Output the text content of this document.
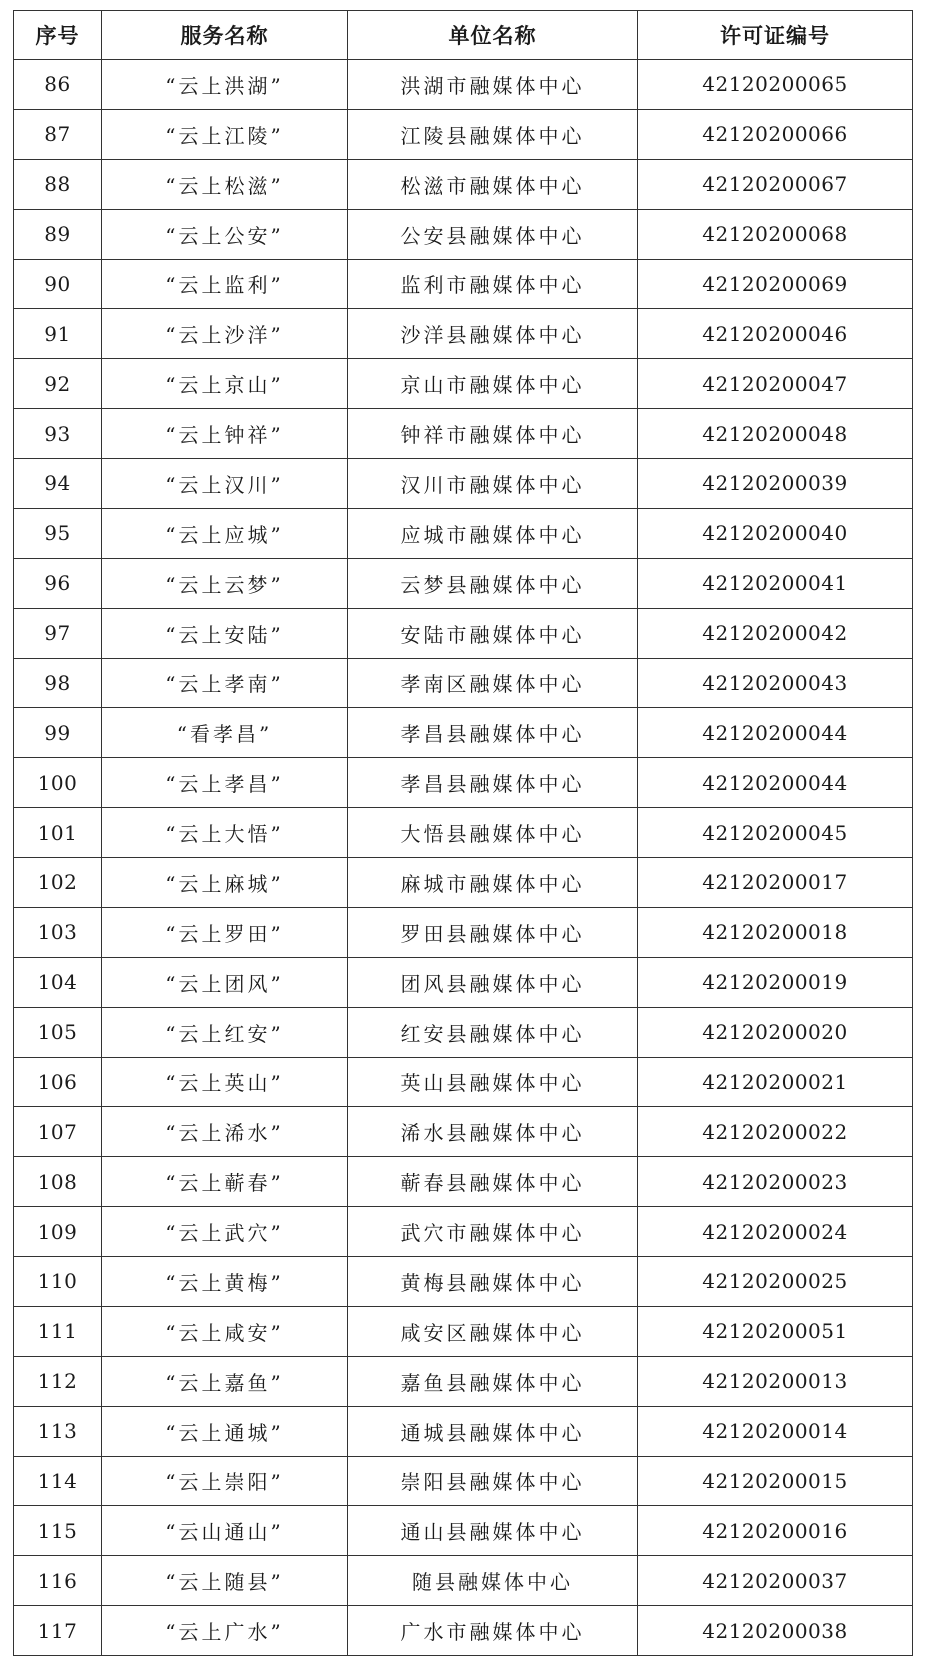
序号	服务名称	单位名称	许可证编号
86	“云上洪湖”	洪湖市融媒体中心	42120200065
87	“云上江陵”	江陵县融媒体中心	42120200066
88	“云上松滋”	松滋市融媒体中心	42120200067
89	“云上公安”	公安县融媒体中心	42120200068
90	“云上监利”	监利市融媒体中心	42120200069
91	“云上沙洋”	沙洋县融媒体中心	42120200046
92	“云上京山”	京山市融媒体中心	42120200047
93	“云上钟祥”	钟祥市融媒体中心	42120200048
94	“云上汉川”	汉川市融媒体中心	42120200039
95	“云上应城”	应城市融媒体中心	42120200040
96	“云上云梦”	云梦县融媒体中心	42120200041
97	“云上安陆”	安陆市融媒体中心	42120200042
98	“云上孝南”	孝南区融媒体中心	42120200043
99	“看孝昌”	孝昌县融媒体中心	42120200044
100	“云上孝昌”	孝昌县融媒体中心	42120200044
101	“云上大悟”	大悟县融媒体中心	42120200045
102	“云上麻城”	麻城市融媒体中心	42120200017
103	“云上罗田”	罗田县融媒体中心	42120200018
104	“云上团风”	团风县融媒体中心	42120200019
105	“云上红安”	红安县融媒体中心	42120200020
106	“云上英山”	英山县融媒体中心	42120200021
107	“云上浠水”	浠水县融媒体中心	42120200022
108	“云上蕲春”	蕲春县融媒体中心	42120200023
109	“云上武穴”	武穴市融媒体中心	42120200024
110	“云上黄梅”	黄梅县融媒体中心	42120200025
111	“云上咸安”	咸安区融媒体中心	42120200051
112	“云上嘉鱼”	嘉鱼县融媒体中心	42120200013
113	“云上通城”	通城县融媒体中心	42120200014
114	“云上崇阳”	崇阳县融媒体中心	42120200015
115	“云山通山”	通山县融媒体中心	42120200016
116	“云上随县”	随县融媒体中心	42120200037
117	“云上广水”	广水市融媒体中心	42120200038
